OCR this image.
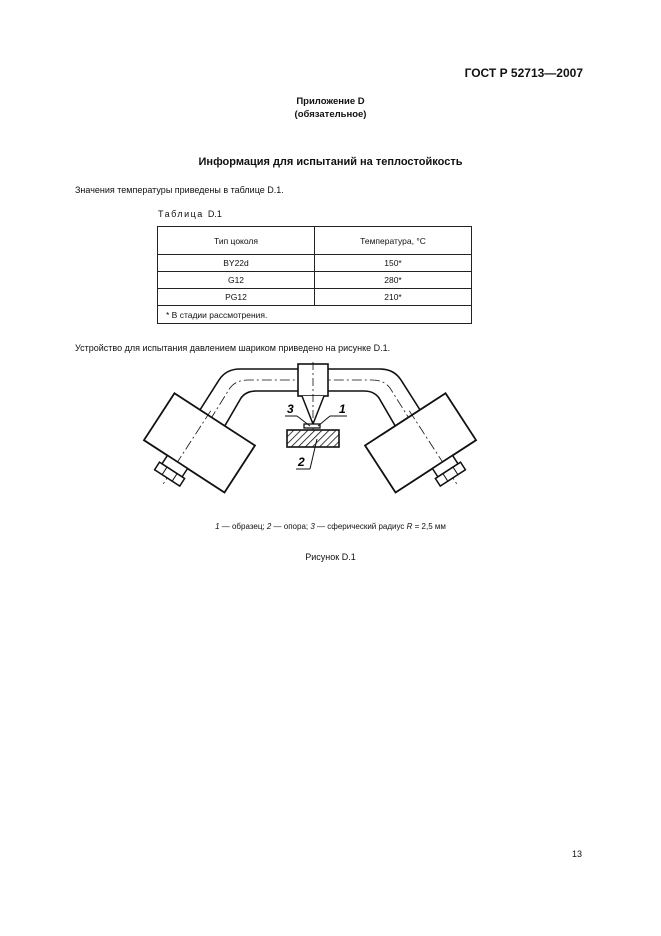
ГОСТ Р 52713—2007
Приложение D
(обязательное)
Информация для испытаний на теплостойкость
Значения температуры приведены в таблице D.1.
Таблица D.1
Тип цоколя	Температура, °С
BY22d	150*
G12	280*
PG12	210*
* В стадии рассмотрения.	
Устройство для испытания давлением шариком приведено на рисунке D.1.
3	1
2
1 — образец; 2 — опора; 3 — сферический радиус R = 2,5 мм
Рисунок D.1
13
